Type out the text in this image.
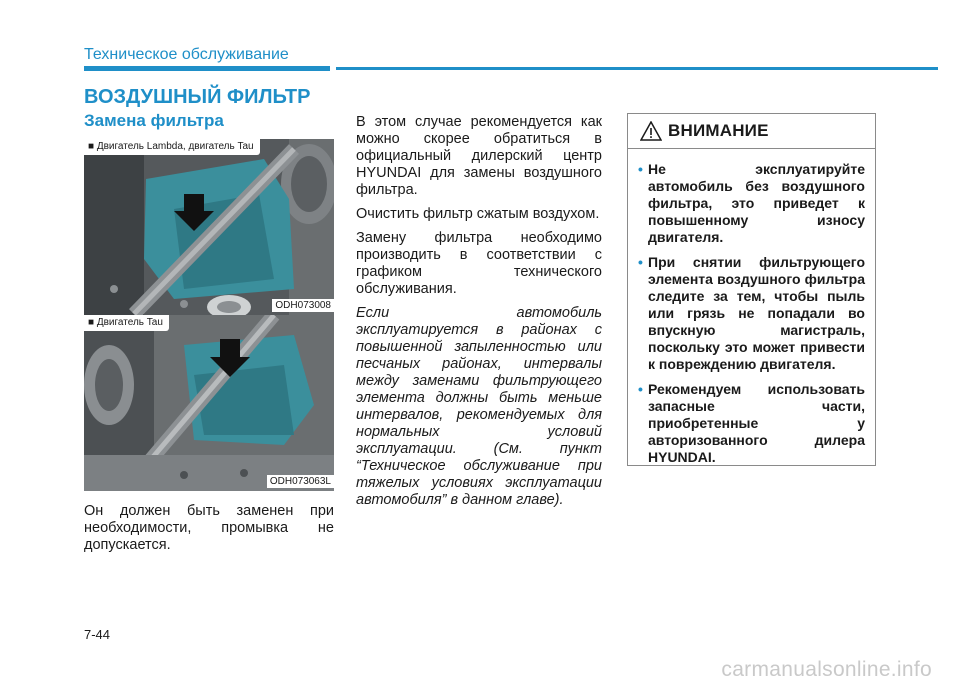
Техническое обслуживание
ВОЗДУШНЫЙ ФИЛЬТР
Замена фильтра
■ Двигатель Lambda, двигатель Tau
ODH073008
■ Двигатель Tau
ODH073063L

Он должен быть заменен при необходимости, промывка не допускается.

В этом случае рекомендуется как можно скорее обратиться в официальный дилерский центр HYUNDAI для замены воздушного фильтра.

Очистить фильтр сжатым воздухом.

Замену фильтра необходимо производить в соответствии с графиком технического обслуживания.

Если автомобиль эксплуатируется в районах с повышенной запыленностью или песчаных районах, интервалы между заменами фильтрующего элемента должны быть меньше интервалов, рекомендуемых для нормальных условий эксплуатации. (См. пункт “Техническое обслуживание при тяжелых условиях эксплуатации автомобиля” в данном главе).

ВНИМАНИЕ
• Не эксплуатируйте автомобиль без воздушного фильтра, это приведет к повышенному износу двигателя.
• При снятии фильтрующего элемента воздушного фильтра следите за тем, чтобы пыль или грязь не попадали во впускную магистраль, поскольку это может привести к повреждению двигателя.
• Рекомендуем использовать запасные части, приобретенные у авторизованного дилера HYUNDAI.
7-44
carmanualsonline.info
